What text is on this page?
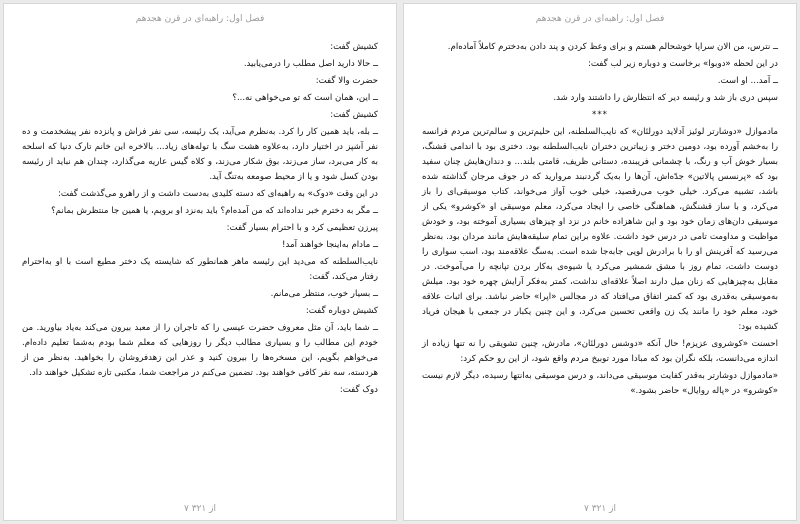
فصل اول: راهبه‌ای در قرن هجدهم

کشیش گفت:

ــ حالا دارید اصل مطلب را درمی‌یابید.

حضرت والا گفت:

ــ این، همان است که تو می‌خواهی نه...؟

کشیش گفت:

ــ بله، باید همین کار را کرد. به‌نظرم می‌آید، یک رئیسه، سی نفر فراش و پانزده نفر پیشخدمت و ده نفر آشپز در اختیار دارد، به‌علاوه هشت سگ با توله‌های زیاد... بالاخره این خانم تارک دنیا که اسلحه به کار می‌برد، ساز می‌زند، بوق شکار می‌زند، و کلاه گیس عاریه می‌گذارد، چندان هم نباید از رئیسه بودن کسل شود و یا از محیط صومعه به‌تنگ آید.

در این وقت «دوک» به راهبه‌ای که دسته کلیدی به‌دست داشت و از راهرو می‌گذشت گفت:

ــ مگر به دخترم خبر نداده‌اند که من آمده‌ام؟ باید به‌نزد او برویم، یا همین جا منتظرش بمانم؟

پیرزن تعظیمی کرد و با احترام بسیار گفت:

ــ مادام به‌اینجا خواهند آمد!

نایب‌السلطنه که می‌دید این رئیسه ماهر همانطور که شایسته یک دختر مطیع است با او به‌احترام رفتار می‌کند، گفت:

ــ بسیار خوب، منتظر می‌مانم.

کشیش دوباره گفت:

ــ شما باید، آن مثل معروف حضرت عیسی را که تاجران را از معبد بیرون می‌کند به‌یاد بیاورید. من خودم این مطالب را و بسیاری مطالب دیگر را روزهایی که معلم شما بودم به‌شما تعلیم داده‌ام. می‌خواهم بگویم، این مسخره‌ها را بیرون کنید و عذر این زهدفروشان را بخواهید. به‌نظر من از هردسته، سه نفر کافی خواهند بود. تضمین می‌کنم در مراجعت شما، مکتبی تازه تشکیل خواهند داد.

دوک گفت:

۷ از ۳۲۱
فصل اول: راهبه‌ای در قرن هجدهم

ــ نترس، من الان سراپا خوشحالم هستم و برای وعظ کردن و پند دادن به‌دخترم کاملاً آماده‌ام.

در این لحظه «دوبوا» برخاست و دوباره زیر لب گفت:

ــ آمد... او است.

سپس دری باز شد و رئیسه دیر که انتظارش را داشتند وارد شد.

***

مادموازل «دوشارتر لوئیز آدلاید دورلئان» که نایب‌السلطنه، این حلیم‌ترین و سالم‌ترین مردم فرانسه را به‌خشم آورده بود، دومین دختر و زیباترین دختران نایب‌السلطنه بود. دختری بود با اندامی قشنگ، بسیار خوش آب و رنگ، با چشمانی فریبنده، دستانی ظریف، قامتی بلند... و دندان‌هایش چنان سفید بود که «پرنسس پالاتین» جدّه‌اش، آن‌ها را به‌یک گردنبند مروارید که در جوف مرجان گذاشته شده باشد، تشبیه می‌کرد. خیلی خوب می‌رقصید، خیلی خوب آواز می‌خواند، کتاب موسیقی‌ای را باز می‌کرد، و با ساز قشنگش، هماهنگی خاصی را ایجاد می‌کرد، معلم موسیقی او «کوشرو» یکی از موسیقی دان‌های زمان خود بود و این شاهزاده خانم در نزد او چیزهای بسیاری آموخته بود، و خودش مواظبت و مداومت تامی در درس خود داشت. علاوه براین تمام سلیقه‌هایش مانند مردان بود. به‌نظر می‌رسید که آفرینش او را با برادرش لویی جابه‌جا شده است. به‌سگ علاقه‌مند بود، اسب سواری را دوست داشت، تمام روز با مشق شمشیر می‌کرد یا شیوه‌ی به‌کار بردن تپانچه را می‌آموخت. در مقابل به‌چیزهایی که زنان میل دارند اصلاً علاقه‌ای نداشت، کمتر به‌فکر آرایش چهره خود بود. میلش به‌موسیقی به‌قدری بود که کمتر اتفاق می‌افتاد که در مجالس «اپرا» حاضر نباشد. برای اثبات علاقه خود، معلم خود را مانند یک زن واقعی تحسین می‌کرد، و این چنین یکبار در جمعی با هیجان فریاد کشیده بود:

احسنت «کوشروی عزیزم! حال آنکه «دوشس دورلئان»، مادرش، چنین تشویقی را نه تنها زیاده از اندازه می‌دانست، بلکه نگران بود که مبادا مورد توبیخ مردم واقع شود، از این رو حکم کرد:

«مادموازل دوشارتر به‌قدر کفایت موسیقی می‌داند، و درس موسیقی به‌انتها رسیده، دیگر لازم نیست «کوشرو» در «پاله روایال» حاضر بشود.»

۷ از ۳۲۱
